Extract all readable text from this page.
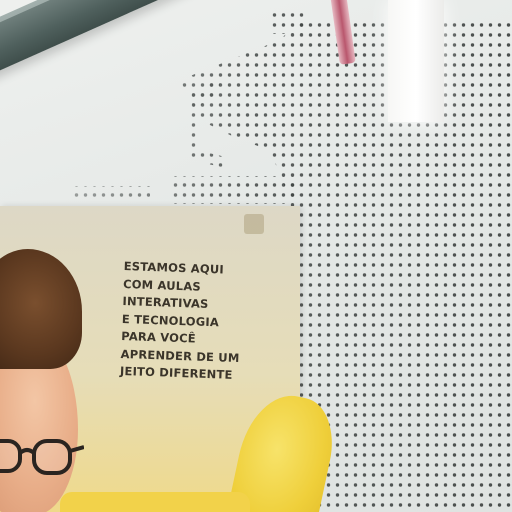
ESTAMOS AQUI
COM AULAS
INTERATIVAS
E TECNOLOGIA
PARA VOCÊ
APRENDER DE UM
JEITO DIFERENTE
